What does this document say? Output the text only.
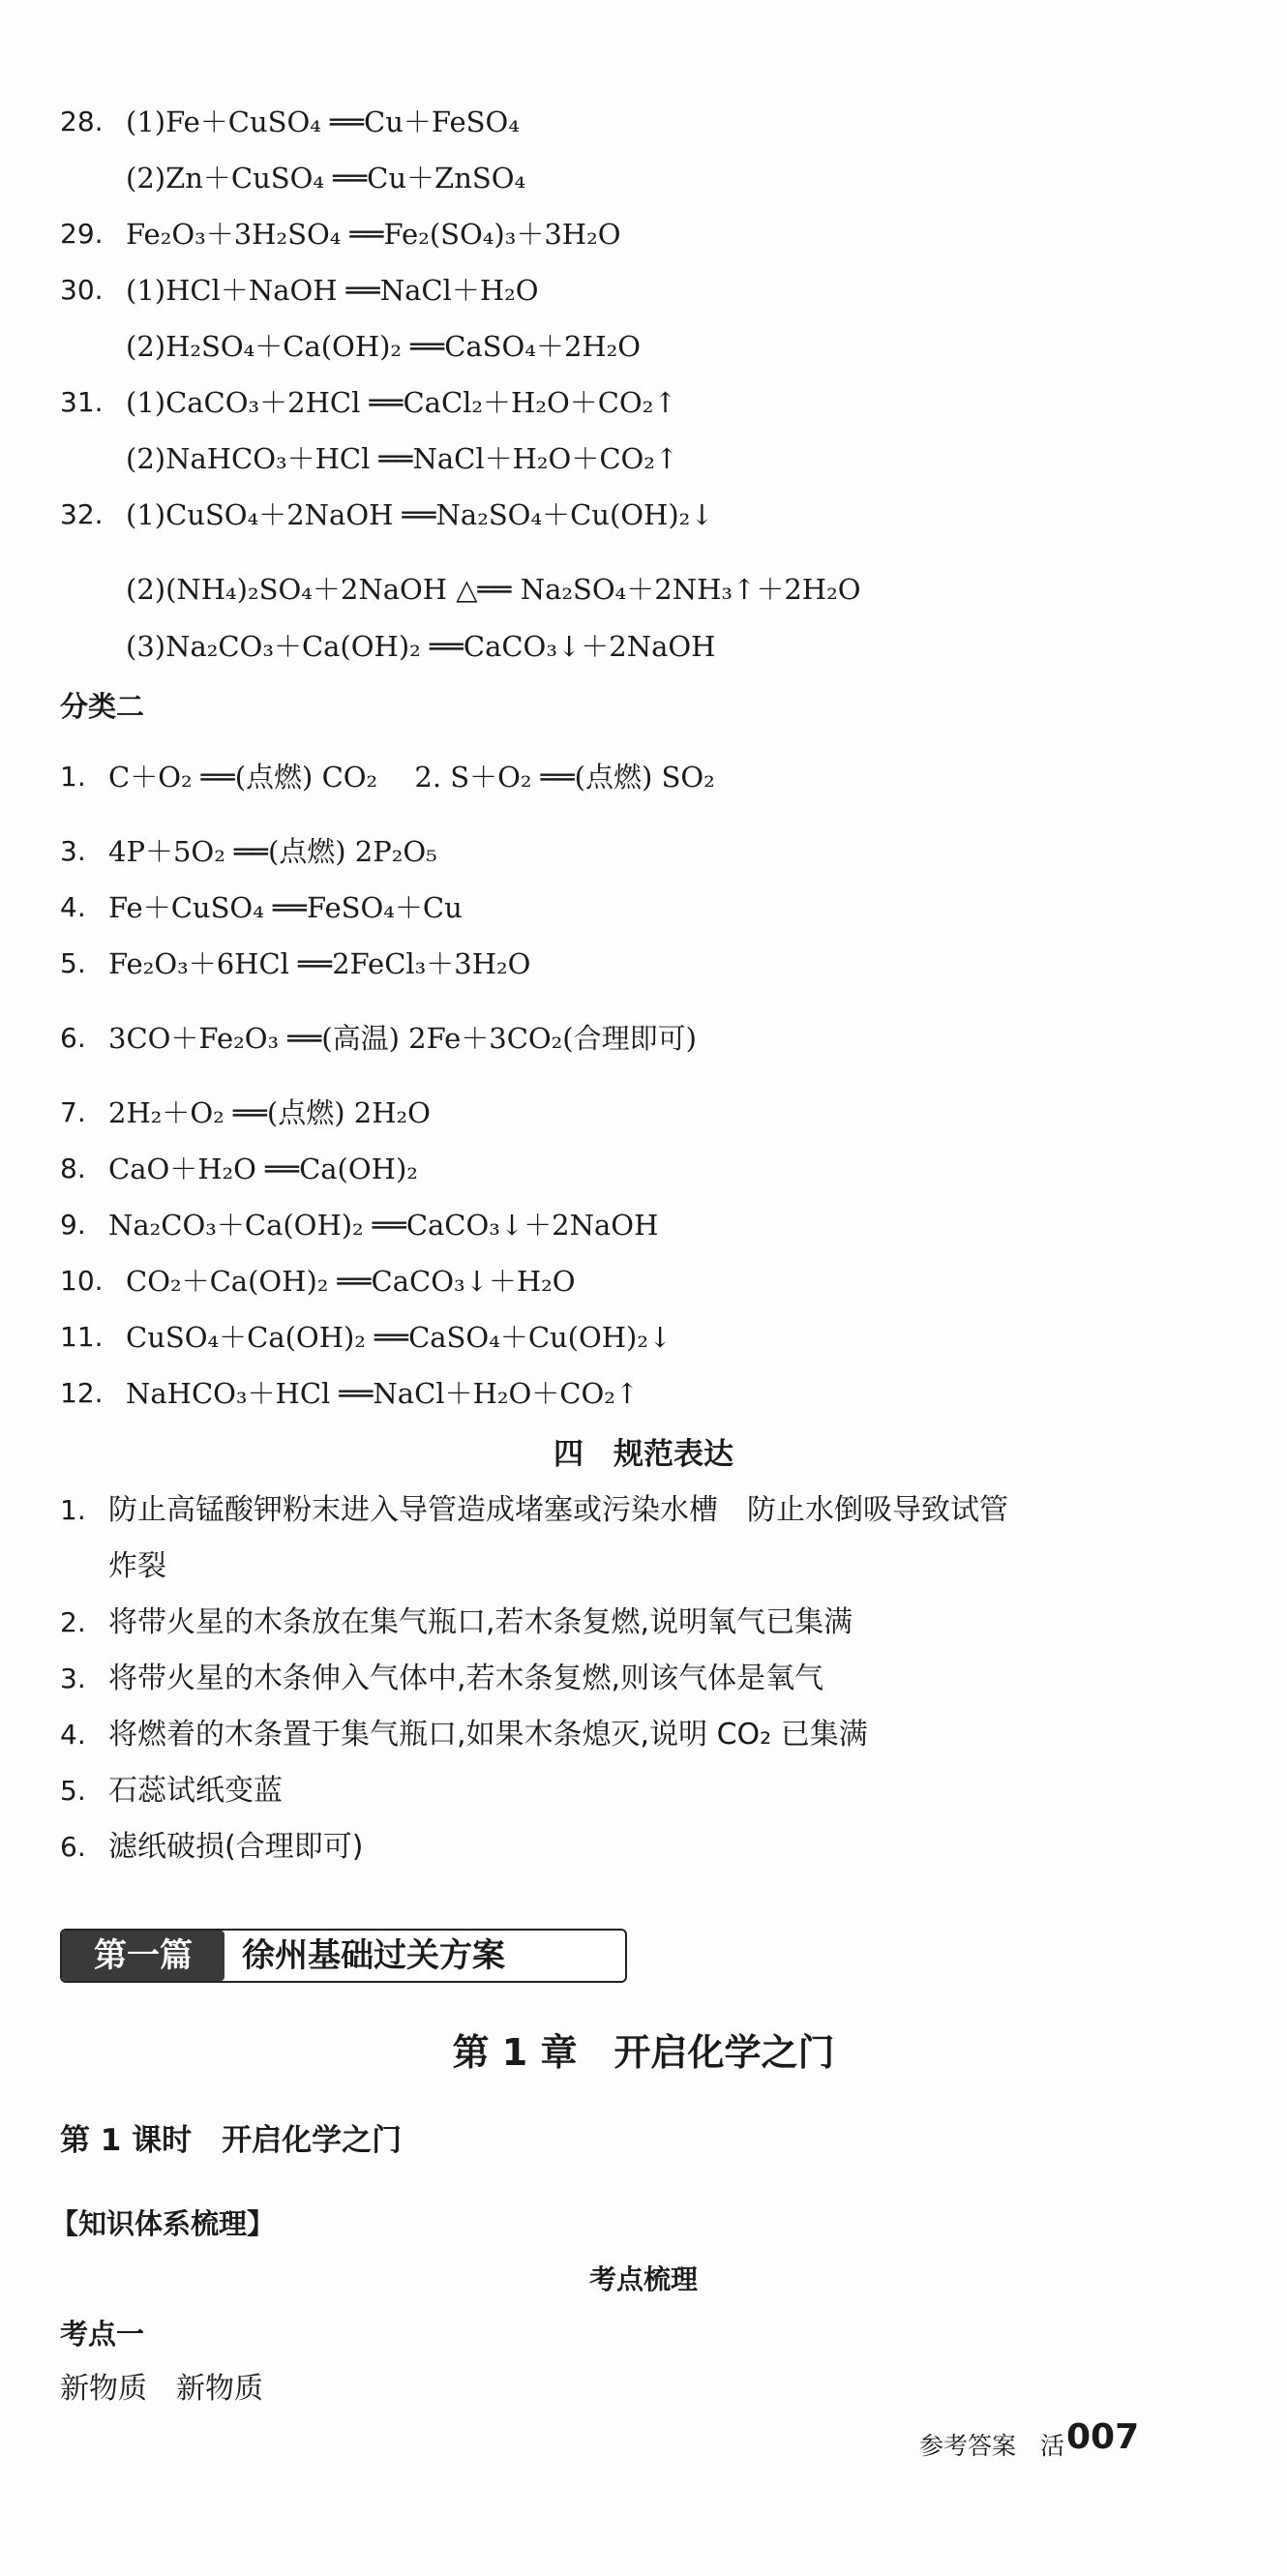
28. (1)Fe＋CuSO₄ ══Cu＋FeSO₄
(2)Zn＋CuSO₄ ══Cu＋ZnSO₄
29. Fe₂O₃＋3H₂SO₄ ══Fe₂(SO₄)₃＋3H₂O
30. (1)HCl＋NaOH ══NaCl＋H₂O
(2)H₂SO₄＋Ca(OH)₂ ══CaSO₄＋2H₂O
31. (1)CaCO₃＋2HCl ══CaCl₂＋H₂O＋CO₂↑
(2)NaHCO₃＋HCl ══NaCl＋H₂O＋CO₂↑
32. (1)CuSO₄＋2NaOH ══Na₂SO₄＋Cu(OH)₂↓
(2)(NH₄)₂SO₄＋2NaOH △══ Na₂SO₄＋2NH₃↑＋2H₂O
(3)Na₂CO₃＋Ca(OH)₂ ══CaCO₃↓＋2NaOH
分类二
1. C＋O₂ ══(点燃) CO₂　 2. S＋O₂ ══(点燃) SO₂
3. 4P＋5O₂ ══(点燃) 2P₂O₅
4. Fe＋CuSO₄ ══FeSO₄＋Cu
5. Fe₂O₃＋6HCl ══2FeCl₃＋3H₂O
6. 3CO＋Fe₂O₃ ══(高温) 2Fe＋3CO₂(合理即可)
7. 2H₂＋O₂ ══(点燃) 2H₂O
8. CaO＋H₂O ══Ca(OH)₂
9. Na₂CO₃＋Ca(OH)₂ ══CaCO₃↓＋2NaOH
10. CO₂＋Ca(OH)₂ ══CaCO₃↓＋H₂O
11. CuSO₄＋Ca(OH)₂ ══CaSO₄＋Cu(OH)₂↓
12. NaHCO₃＋HCl ══NaCl＋H₂O＋CO₂↑
四　规范表达
1. 防止高锰酸钾粉末进入导管造成堵塞或污染水槽　防止水倒吸导致试管
炸裂
2. 将带火星的木条放在集气瓶口,若木条复燃,说明氧气已集满
3. 将带火星的木条伸入气体中,若木条复燃,则该气体是氧气
4. 将燃着的木条置于集气瓶口,如果木条熄灭,说明 CO₂ 已集满
5. 石蕊试纸变蓝
6. 滤纸破损(合理即可)
第一篇	徐州基础过关方案
第 1 章　开启化学之门
第 1 课时　开启化学之门
【知识体系梳理】
考点梳理
考点一
新物质　新物质
参考答案　活 007
